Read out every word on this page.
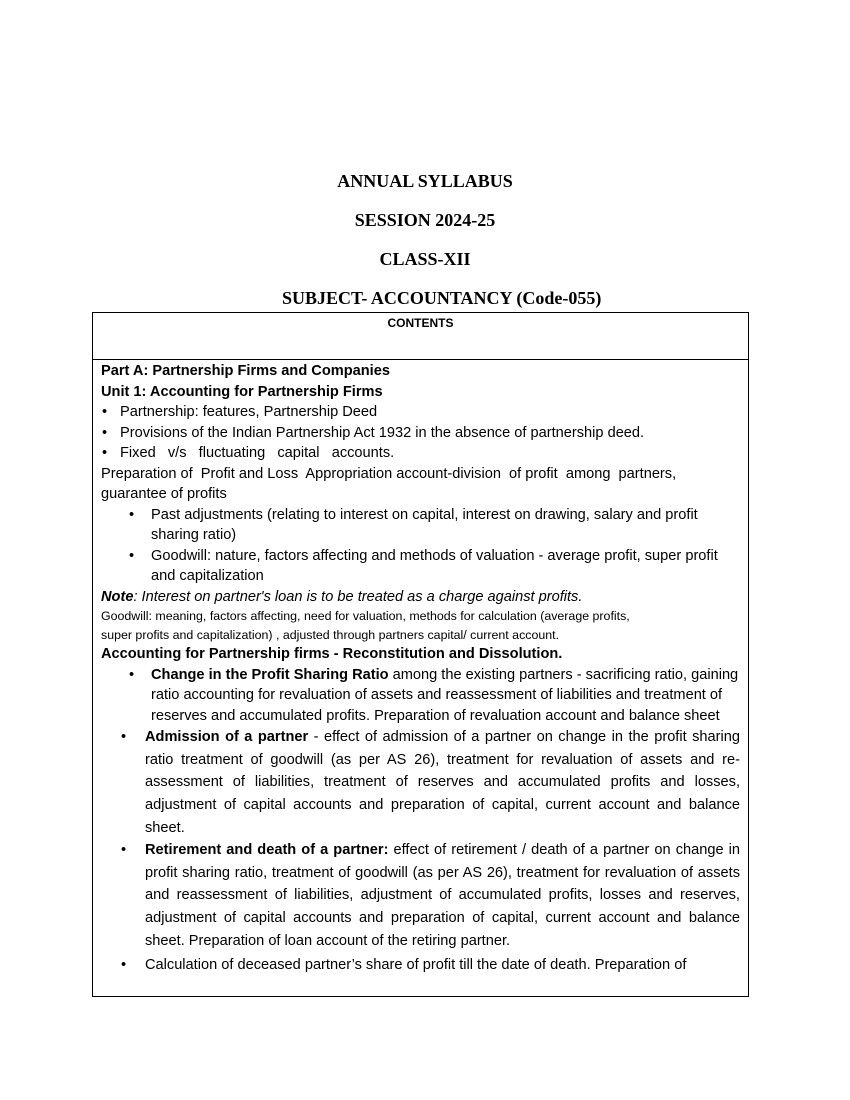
ANNUAL SYLLABUS
SESSION 2024-25
CLASS-XII
SUBJECT- ACCOUNTANCY (Code-055)
CONTENTS
Part A: Partnership Firms and Companies
Unit 1: Accounting for Partnership Firms
• Partnership: features, Partnership Deed
• Provisions of the Indian Partnership Act 1932 in the absence of partnership deed.
• Fixed   v/s   fluctuating   capital   accounts.
Preparation of  Profit and Loss  Appropriation account-division  of profit  among  partners,
guarantee of profits
• Past adjustments (relating to interest on capital, interest on drawing, salary and profit sharing ratio)
• Goodwill: nature, factors affecting and methods of valuation - average profit, super profit and capitalization
Note: Interest on partner's loan is to be treated as a charge against profits.
Goodwill: meaning, factors affecting, need for valuation, methods for calculation (average profits,
super profits and capitalization) , adjusted through partners capital/ current account.
Accounting for Partnership firms - Reconstitution and Dissolution.
• Change in the Profit Sharing Ratio among the existing partners - sacrificing ratio, gaining ratio accounting for revaluation of assets and reassessment of liabilities and treatment of reserves and accumulated profits. Preparation of revaluation account and balance sheet
• Admission of a partner - effect of admission of a partner on change in the profit sharing ratio treatment of goodwill (as per AS 26), treatment for revaluation of assets and re- assessment of liabilities, treatment of reserves and accumulated profits and losses, adjustment of capital accounts and preparation of capital, current account and balance sheet.
• Retirement and death of a partner: effect of retirement / death of a partner on change in profit sharing ratio, treatment of goodwill (as per AS 26), treatment for revaluation of assets and reassessment of liabilities, adjustment of accumulated profits, losses and reserves, adjustment of capital accounts and preparation of capital, current account and balance sheet. Preparation of loan account of the retiring partner.
• Calculation of deceased partner’s share of profit till the date of death. Preparation of
